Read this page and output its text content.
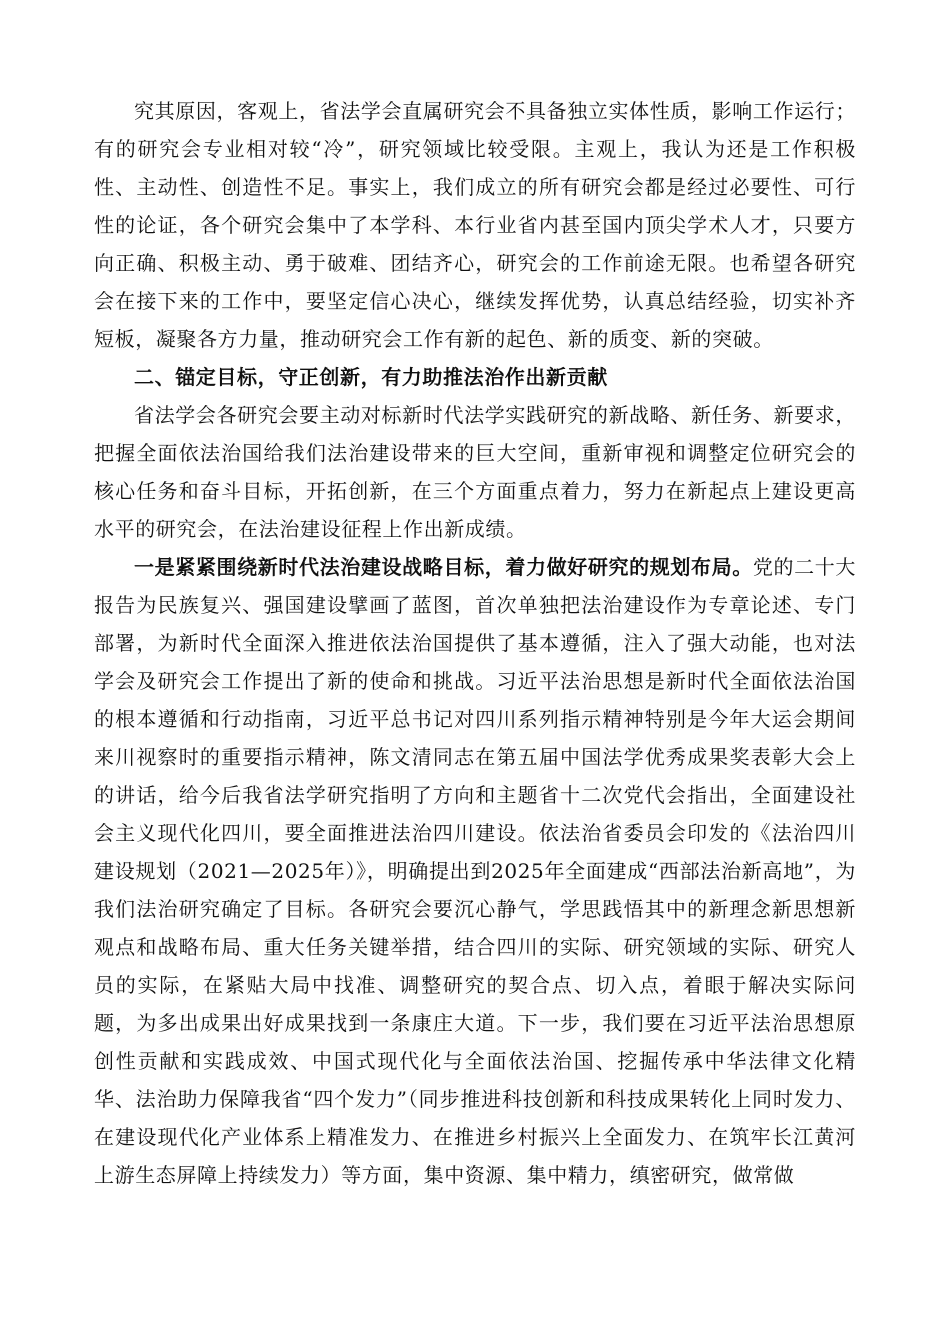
究其原因，客观上，省法学会直属研究会不具备独立实体性质，影响工作运行；有的研究会专业相对较“冷”，研究领域比较受限。主观上，我认为还是工作积极性、主动性、创造性不足。事实上，我们成立的所有研究会都是经过必要性、可行性的论证，各个研究会集中了本学科、本行业省内甚至国内顶尖学术人才，只要方向正确、积极主动、勇于破难、团结齐心，研究会的工作前途无限。也希望各研究会在接下来的工作中，要坚定信心决心，继续发挥优势，认真总结经验，切实补齐短板，凝聚各方力量，推动研究会工作有新的起色、新的质变、新的突破。

二、锚定目标，守正创新，有力助推法治作出新贡献

省法学会各研究会要主动对标新时代法学实践研究的新战略、新任务、新要求，把握全面依法治国给我们法治建设带来的巨大空间，重新审视和调整定位研究会的核心任务和奋斗目标，开拓创新，在三个方面重点着力，努力在新起点上建设更高水平的研究会，在法治建设征程上作出新成绩。

一是紧紧围绕新时代法治建设战略目标，着力做好研究的规划布局。党的二十大报告为民族复兴、强国建设擘画了蓝图，首次单独把法治建设作为专章论述、专门部署，为新时代全面深入推进依法治国提供了基本遵循，注入了强大动能，也对法学会及研究会工作提出了新的使命和挑战。习近平法治思想是新时代全面依法治国的根本遵循和行动指南，习近平总书记对四川系列指示精神特别是今年大运会期间来川视察时的重要指示精神，陈文清同志在第五届中国法学优秀成果奖表彰大会上的讲话，给今后我省法学研究指明了方向和主题省十二次党代会指出，全面建设社会主义现代化四川，要全面推进法治四川建设。依法治省委员会印发的《法治四川建设规划（2021—2025年）》，明确提出到2025年全面建成“西部法治新高地”，为我们法治研究确定了目标。各研究会要沉心静气，学思践悟其中的新理念新思想新观点和战略布局、重大任务关键举措，结合四川的实际、研究领域的实际、研究人员的实际，在紧贴大局中找准、调整研究的契合点、切入点，着眼于解决实际问题，为多出成果出好成果找到一条康庄大道。下一步，我们要在习近平法治思想原创性贡献和实践成效、中国式现代化与全面依法治国、挖掘传承中华法律文化精华、法治助力保障我省“四个发力”（同步推进科技创新和科技成果转化上同时发力、在建设现代化产业体系上精准发力、在推进乡村振兴上全面发力、在筑牢长江黄河上游生态屏障上持续发力）等方面，集中资源、集中精力，缜密研究，做常做
